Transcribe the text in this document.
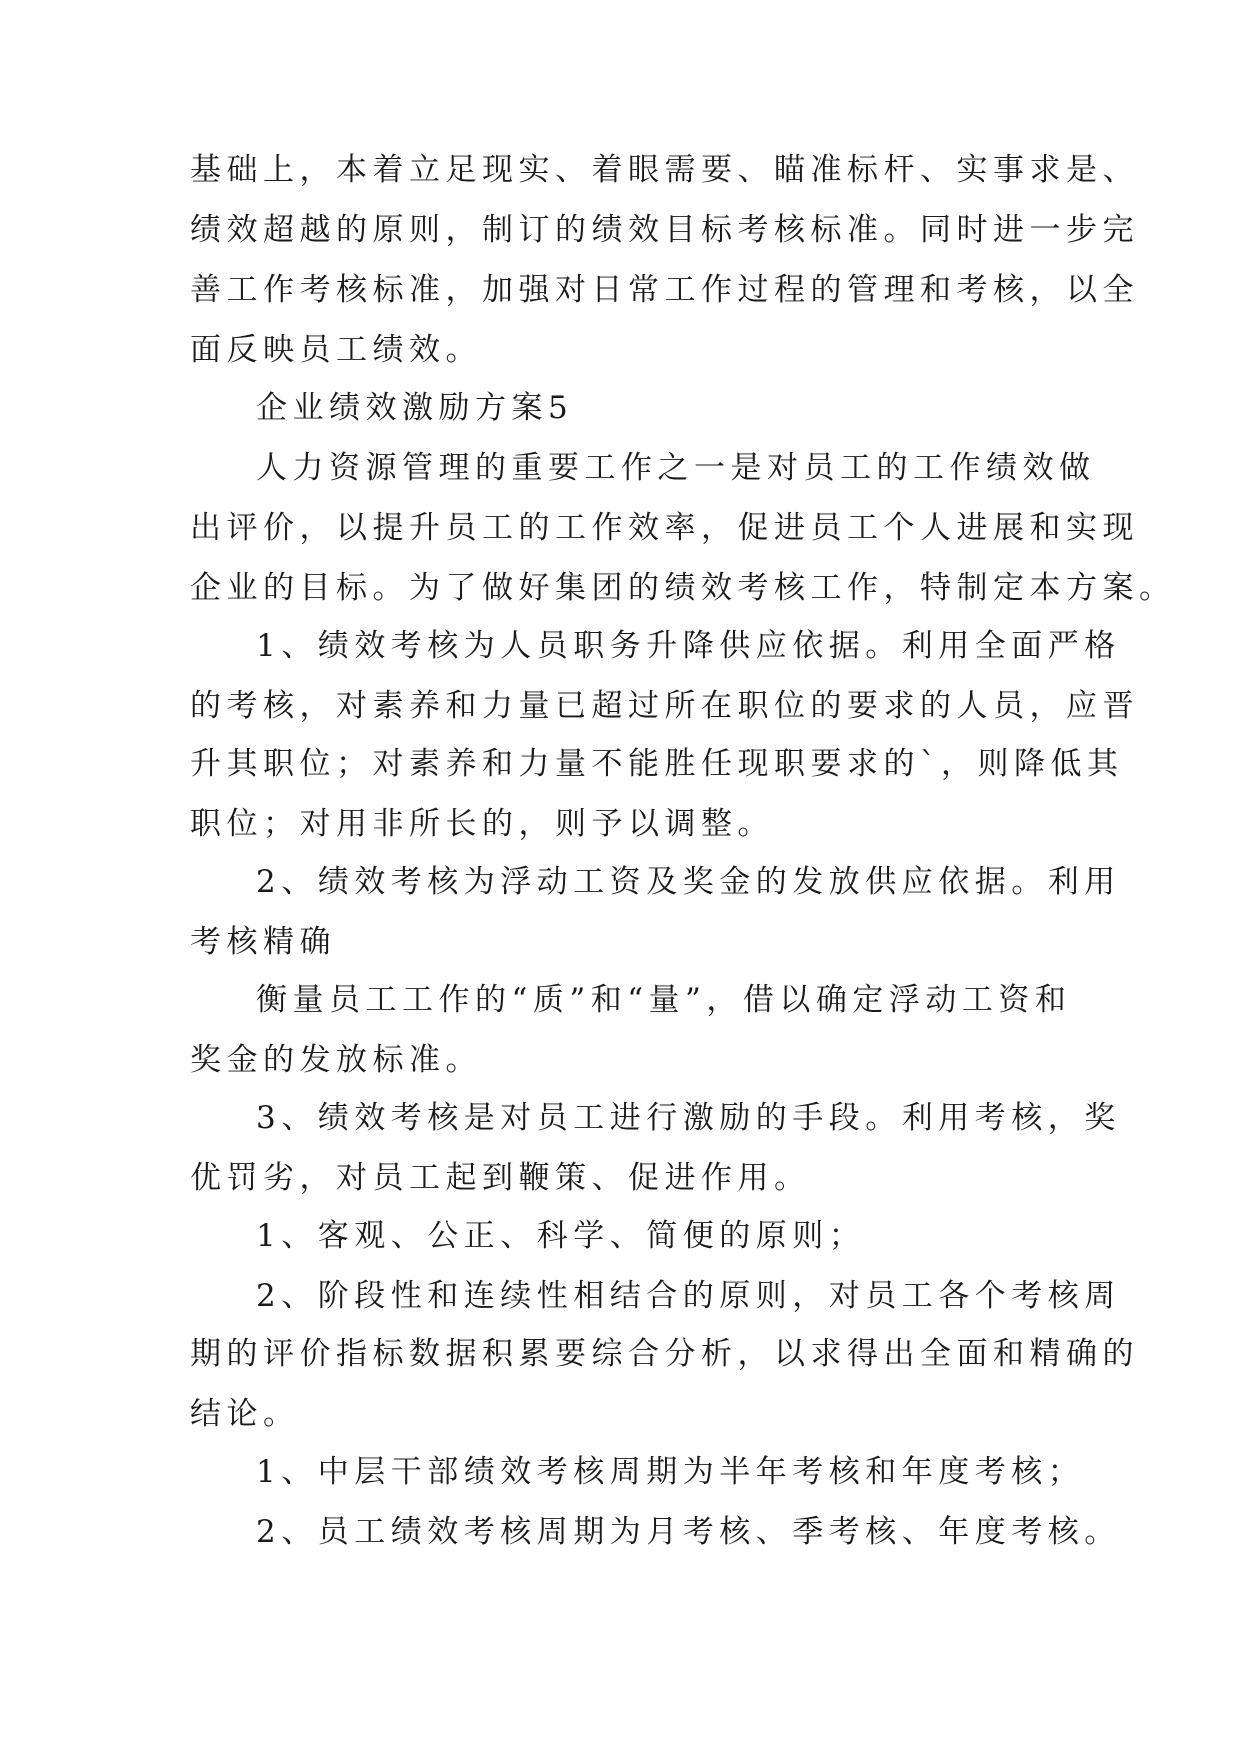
基础上，本着立足现实、着眼需要、瞄准标杆、实事求是、
绩效超越的原则，制订的绩效目标考核标准。同时进一步完
善工作考核标准，加强对日常工作过程的管理和考核，以全
面反映员工绩效。
企业绩效激励方案5
人力资源管理的重要工作之一是对员工的工作绩效做
出评价，以提升员工的工作效率，促进员工个人进展和实现
企业的目标。为了做好集团的绩效考核工作，特制定本方案。
1、绩效考核为人员职务升降供应依据。利用全面严格
的考核，对素养和力量已超过所在职位的要求的人员，应晋
升其职位；对素养和力量不能胜任现职要求的`，则降低其
职位；对用非所长的，则予以调整。
2、绩效考核为浮动工资及奖金的发放供应依据。利用
考核精确
衡量员工工作的“质”和“量”，借以确定浮动工资和
奖金的发放标准。
3、绩效考核是对员工进行激励的手段。利用考核，奖
优罚劣，对员工起到鞭策、促进作用。
1、客观、公正、科学、简便的原则；
2、阶段性和连续性相结合的原则，对员工各个考核周
期的评价指标数据积累要综合分析，以求得出全面和精确的
结论。
1、中层干部绩效考核周期为半年考核和年度考核；
2、员工绩效考核周期为月考核、季考核、年度考核。
